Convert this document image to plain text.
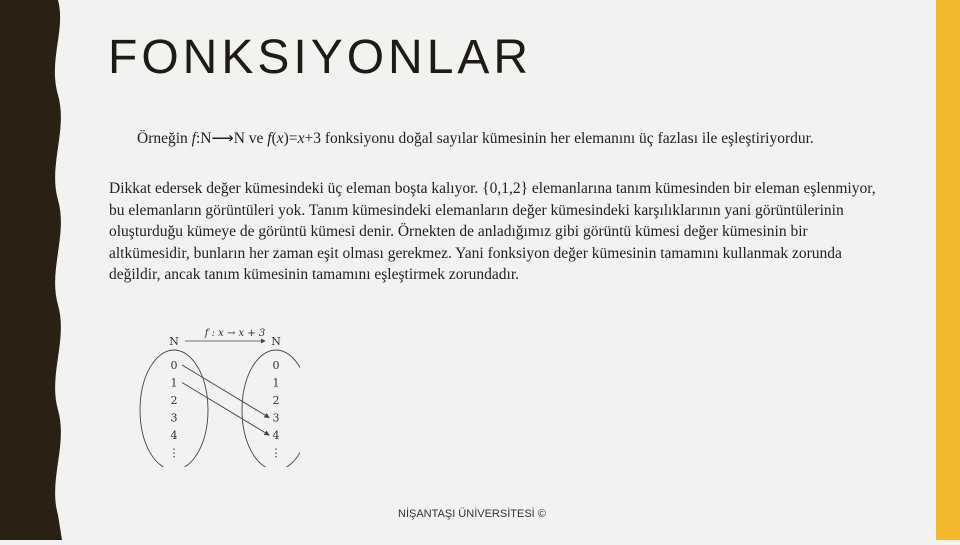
FONKSIYONLAR
Örneğin f:N⟶N ve f(x)=x+3 fonksiyonu doğal sayılar kümesinin her elemanını üç fazlası ile eşleştiriyordur.
Dikkat edersek değer kümesindeki üç eleman boşta kalıyor. {0,1,2} elemanlarına tanım kümesinden bir eleman eşlenmiyor, bu elemanların görüntüleri yok. Tanım kümesindeki elemanların değer kümesindeki karşılıklarının yani görüntülerinin oluşturduğu kümeye de görüntü kümesi denir. Örnekten de anladığımız gibi görüntü kümesi değer kümesinin bir altkümesidir, bunların her zaman eşit olması gerekmez. Yani fonksiyon değer kümesinin tamamını kullanmak zorunda değildir, ancak tanım kümesinin tamamını eşleştirmek zorundadır.
f : x → x + 3
N	N
0
1
2
3
4
⋮
0
1
2
3
4
⋮
NİŞANTAŞI ÜNİVERSİTESİ ©
